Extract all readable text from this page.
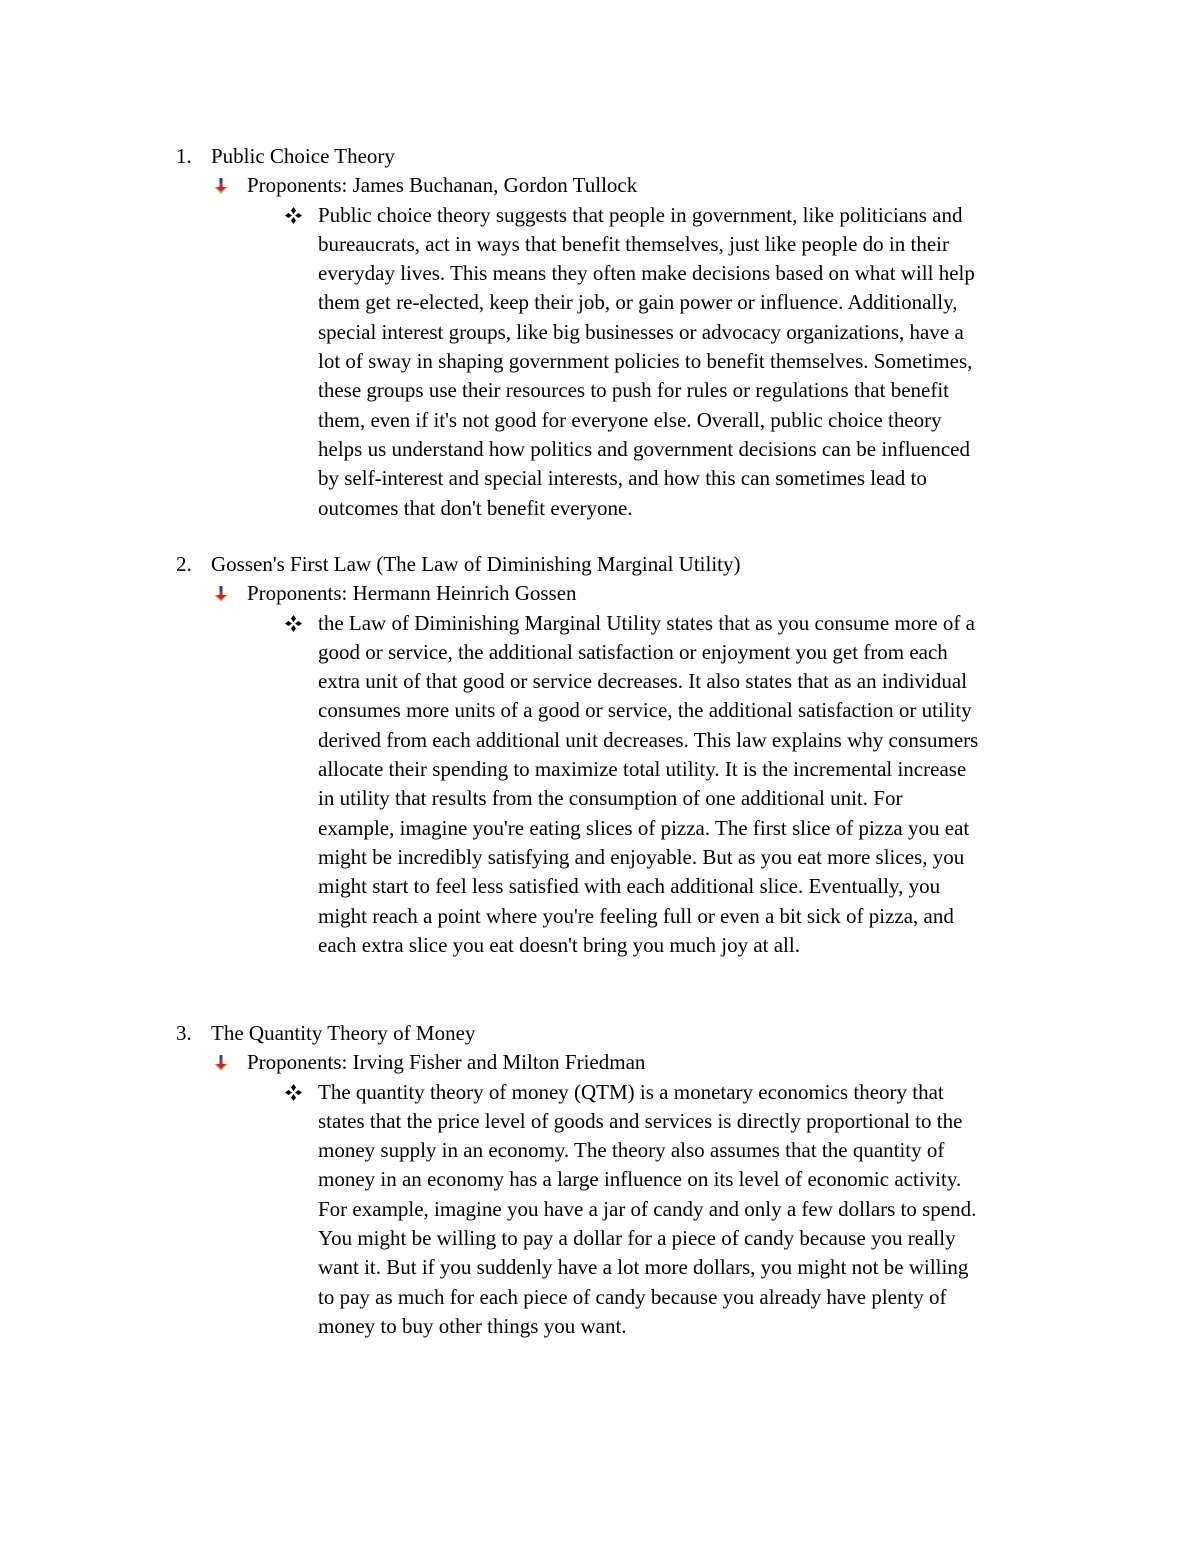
1. Public Choice Theory
Proponents: James Buchanan, Gordon Tullock

Public choice theory suggests that people in government, like politicians and
bureaucrats, act in ways that benefit themselves, just like people do in their
everyday lives. This means they often make decisions based on what will help
them get re-elected, keep their job, or gain power or influence. Additionally,
special interest groups, like big businesses or advocacy organizations, have a
lot of sway in shaping government policies to benefit themselves. Sometimes,
these groups use their resources to push for rules or regulations that benefit
them, even if it's not good for everyone else. Overall, public choice theory
helps us understand how politics and government decisions can be influenced
by self-interest and special interests, and how this can sometimes lead to
outcomes that don't benefit everyone.

2. Gossen's First Law (The Law of Diminishing Marginal Utility)
Proponents: Hermann Heinrich Gossen

the Law of Diminishing Marginal Utility states that as you consume more of a
good or service, the additional satisfaction or enjoyment you get from each
extra unit of that good or service decreases. It also states that as an individual
consumes more units of a good or service, the additional satisfaction or utility
derived from each additional unit decreases. This law explains why consumers
allocate their spending to maximize total utility. It is the incremental increase
in utility that results from the consumption of one additional unit. For
example, imagine you're eating slices of pizza. The first slice of pizza you eat
might be incredibly satisfying and enjoyable. But as you eat more slices, you
might start to feel less satisfied with each additional slice. Eventually, you
might reach a point where you're feeling full or even a bit sick of pizza, and
each extra slice you eat doesn't bring you much joy at all.

3. The Quantity Theory of Money
Proponents: Irving Fisher and Milton Friedman

The quantity theory of money (QTM) is a monetary economics theory that
states that the price level of goods and services is directly proportional to the
money supply in an economy. The theory also assumes that the quantity of
money in an economy has a large influence on its level of economic activity.
For example, imagine you have a jar of candy and only a few dollars to spend.
You might be willing to pay a dollar for a piece of candy because you really
want it. But if you suddenly have a lot more dollars, you might not be willing
to pay as much for each piece of candy because you already have plenty of
money to buy other things you want.
